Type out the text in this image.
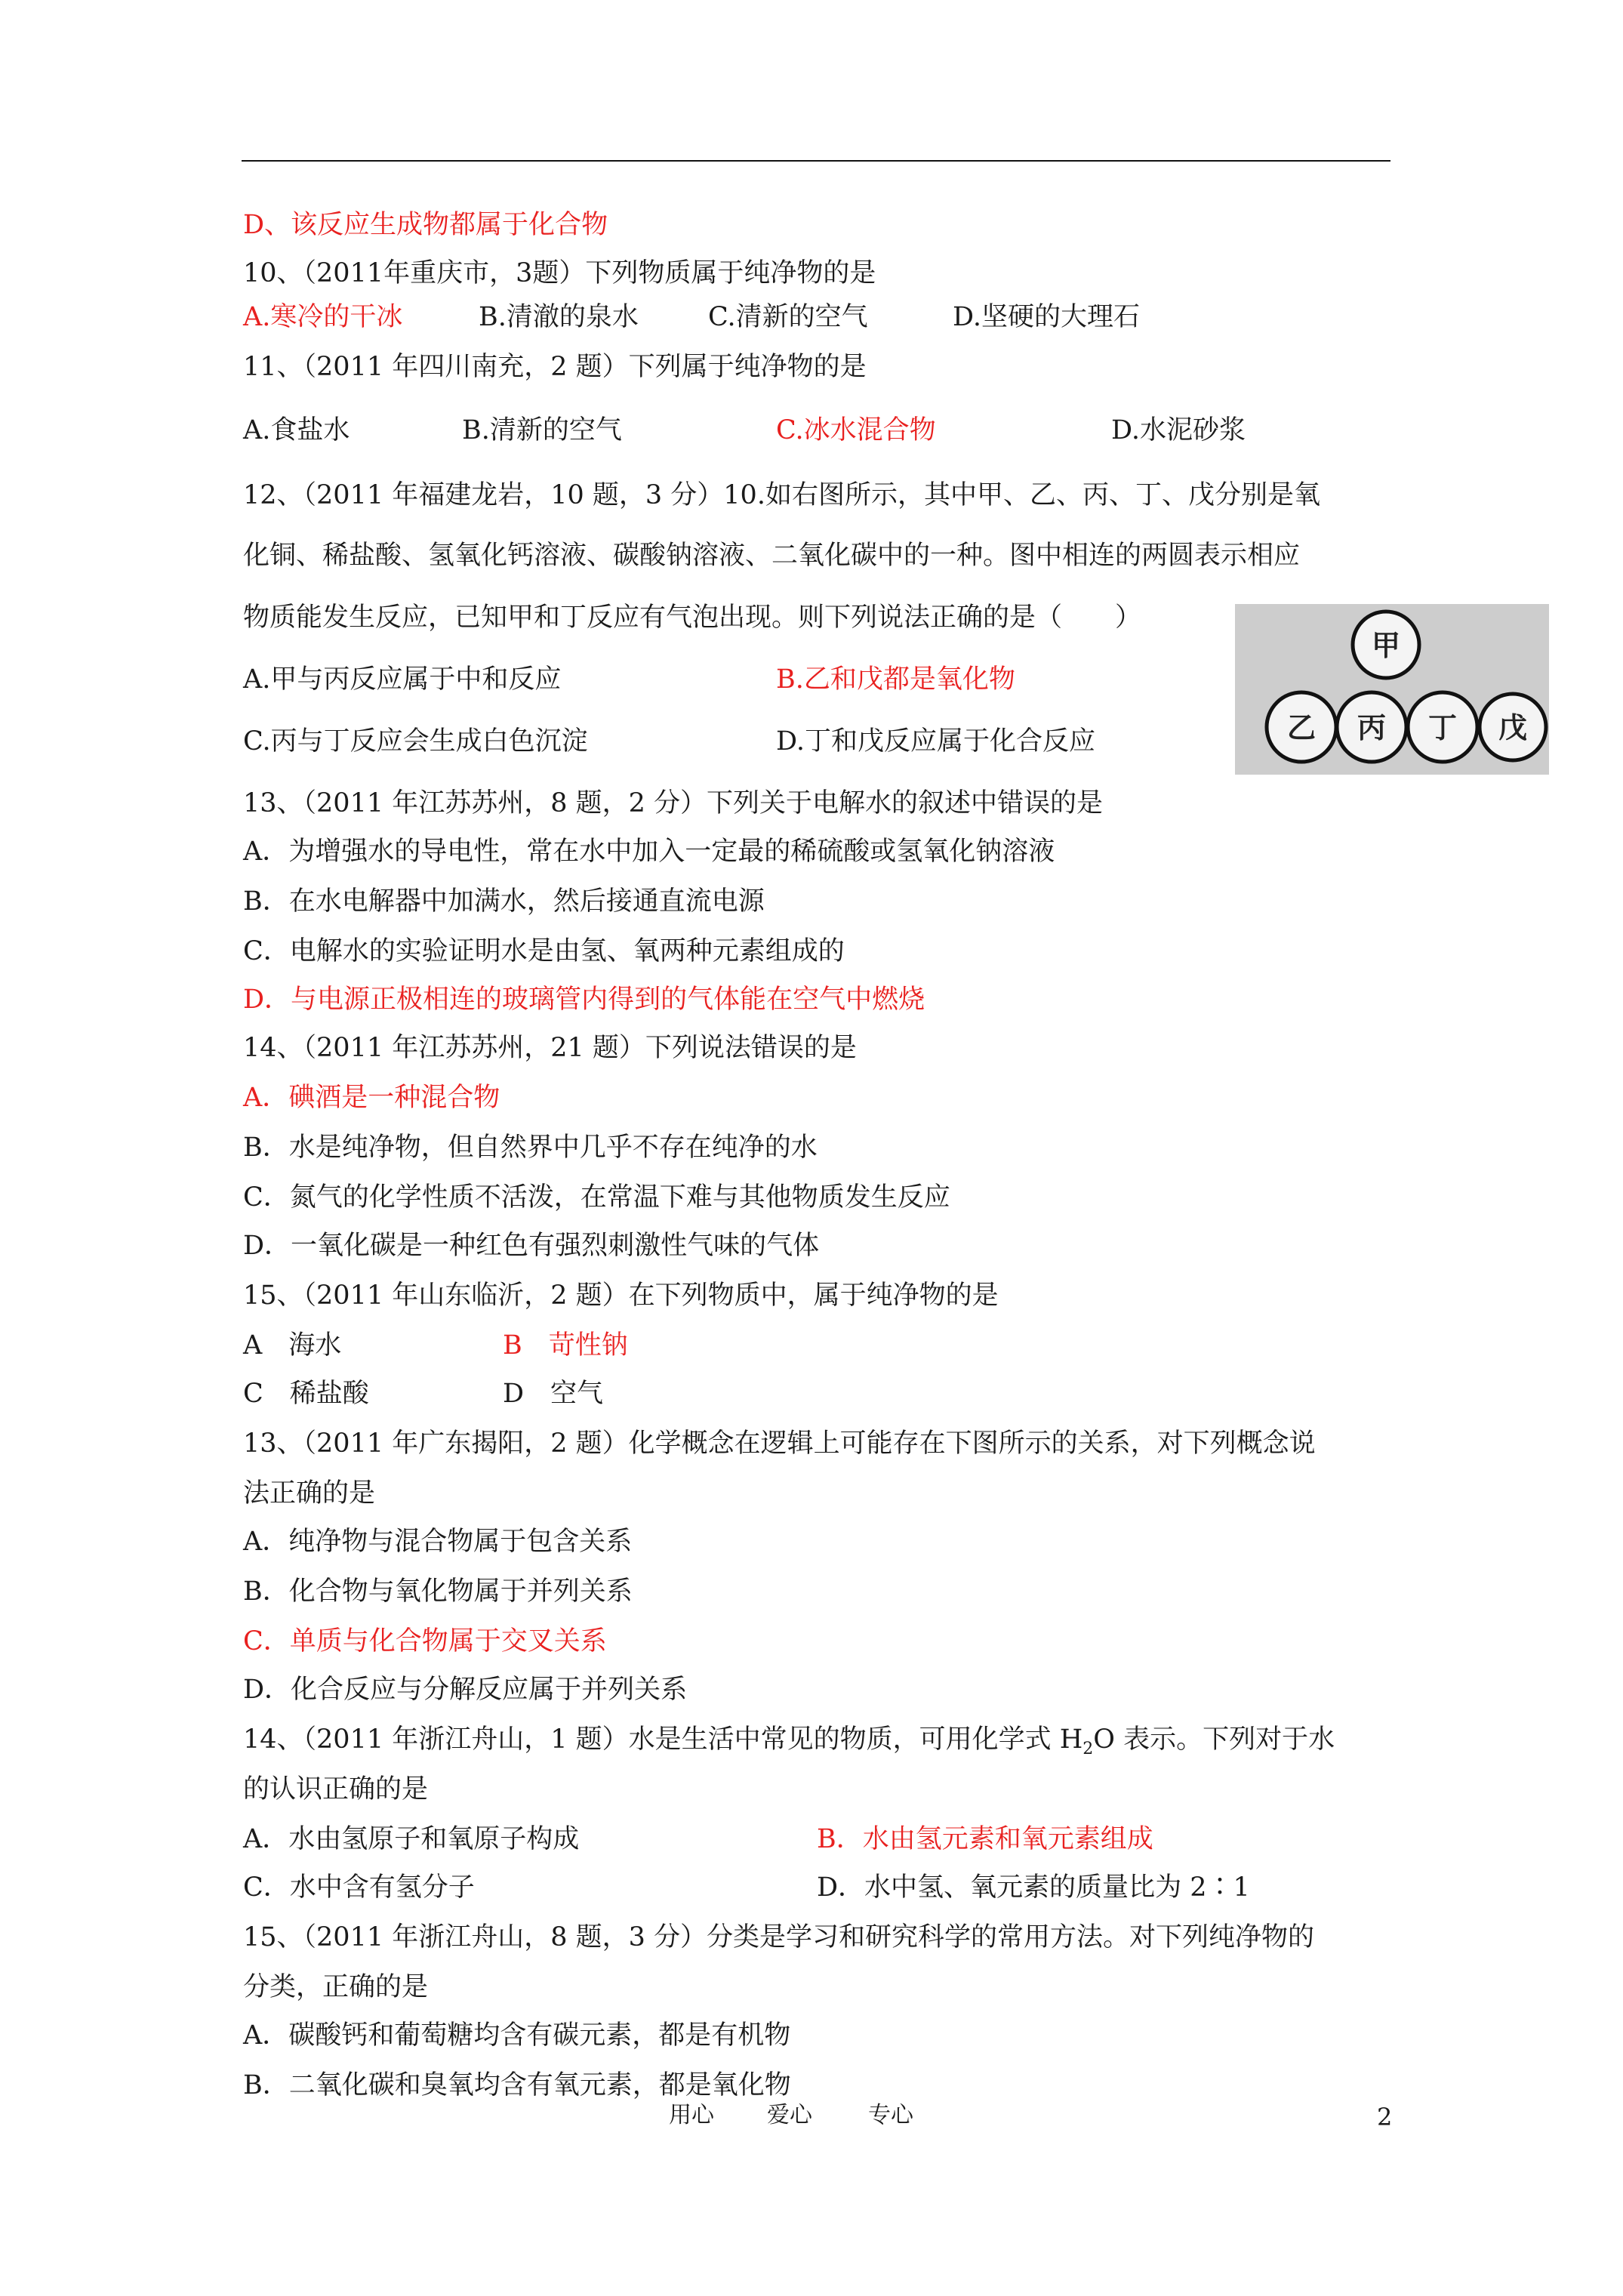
D、该反应生成物都属于化合物
10、（2011年重庆市，3题）下列物质属于纯净物的是
A.寒冷的干冰	B.清澈的泉水	C.清新的空气	D.坚硬的大理石
11、（2011 年四川南充，2 题）下列属于纯净物的是
A.食盐水	B.清新的空气	C.冰水混合物	D.水泥砂浆
12、（2011 年福建龙岩，10 题，3 分）10.如右图所示，其中甲、乙、丙、丁、戊分别是氧
化铜、稀盐酸、氢氧化钙溶液、碳酸钠溶液、二氧化碳中的一种。图中相连的两圆表示相应
物质能发生反应，已知甲和丁反应有气泡出现。则下列说法正确的是（　　）
A.甲与丙反应属于中和反应	B.乙和戊都是氧化物
C.丙与丁反应会生成白色沉淀	D.丁和戊反应属于化合反应
甲
乙 丙 丁 戊
13、（2011 年江苏苏州，8 题，2 分）下列关于电解水的叙述中错误的是
A．为增强水的导电性，常在水中加入一定最的稀硫酸或氢氧化钠溶液
B．在水电解器中加满水，然后接通直流电源
C．电解水的实验证明水是由氢、氧两种元素组成的
D．与电源正极相连的玻璃管内得到的气体能在空气中燃烧
14、（2011 年江苏苏州，21 题）下列说法错误的是
A．碘酒是一种混合物
B．水是纯净物，但自然界中几乎不存在纯净的水
C．氮气的化学性质不活泼，在常温下难与其他物质发生反应
D．一氧化碳是一种红色有强烈刺激性气味的气体
15、（2011 年山东临沂，2 题）在下列物质中，属于纯净物的是
A　海水	B　苛性钠
C　稀盐酸	D　空气
13、（2011 年广东揭阳，2 题）化学概念在逻辑上可能存在下图所示的关系，对下列概念说
法正确的是
A．纯净物与混合物属于包含关系
B．化合物与氧化物属于并列关系
C．单质与化合物属于交叉关系
D．化合反应与分解反应属于并列关系
14、（2011 年浙江舟山，1 题）水是生活中常见的物质，可用化学式 $H_2O$ 表示。下列对于水
的认识正确的是
A．水由氢原子和氧原子构成	B．水由氢元素和氧元素组成
C．水中含有氢分子	D．水中氢、氧元素的质量比为 2∶1
15、（2011 年浙江舟山，8 题，3 分）分类是学习和研究科学的常用方法。对下列纯净物的
分类，正确的是
A．碳酸钙和葡萄糖均含有碳元素，都是有机物
B．二氧化碳和臭氧均含有氧元素，都是氧化物
用心 爱心 专心	2
